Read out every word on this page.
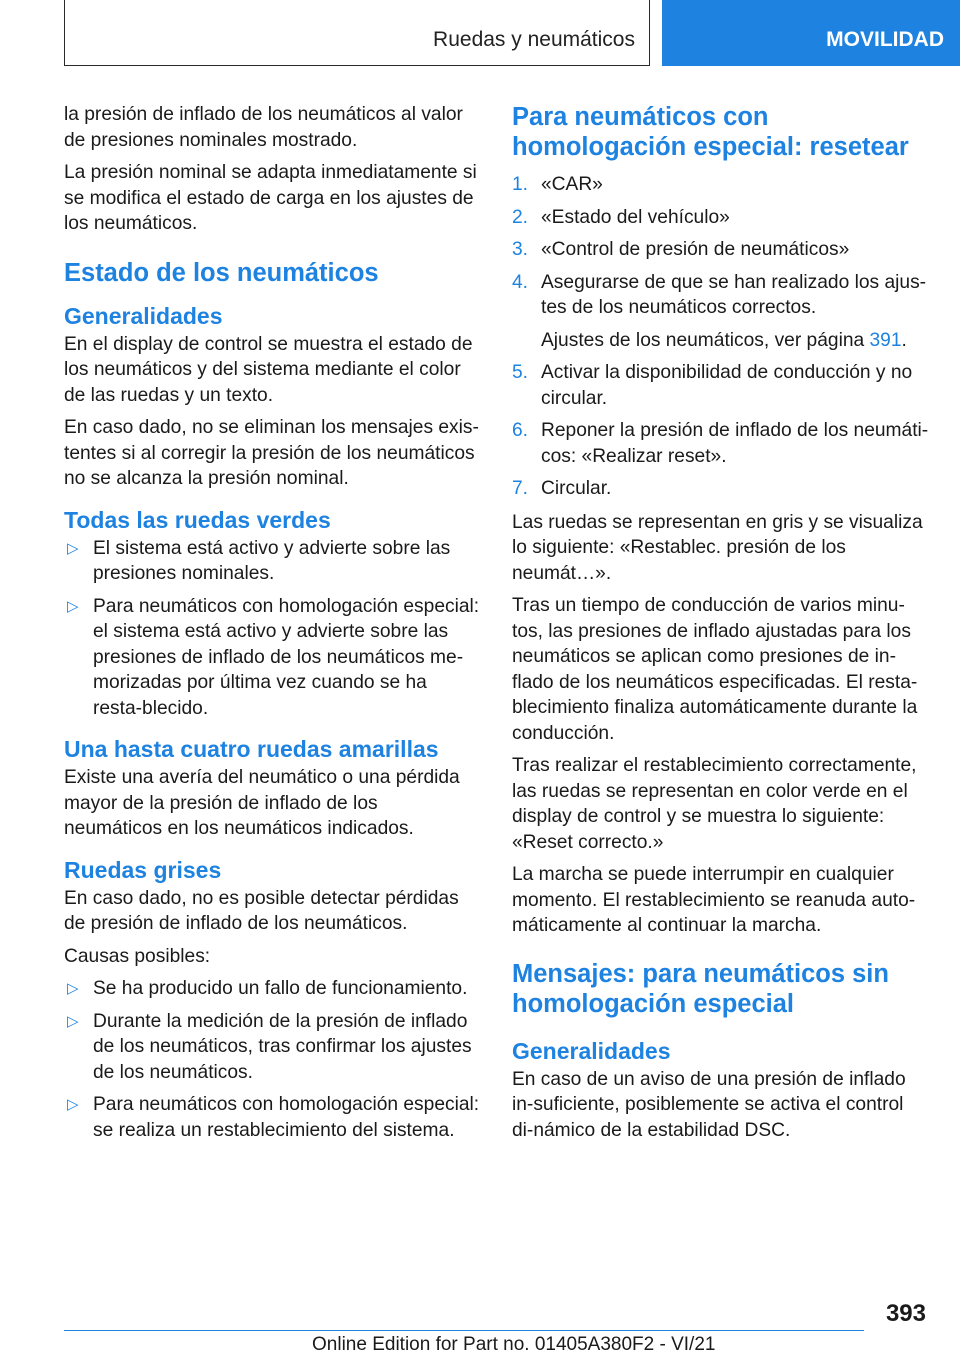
Ruedas y neumáticos	MOVILIDAD

la presión de inflado de los neumáticos al valor de presiones nominales mostrado.

La presión nominal se adapta inmediatamente si se modifica el estado de carga en los ajustes de los neumáticos.

Estado de los neumáticos
Generalidades

En el display de control se muestra el estado de los neumáticos y del sistema mediante el color de las ruedas y un texto.

En caso dado, no se eliminan los mensajes exis‐tentes si al corregir la presión de los neumáticos no se alcanza la presión nominal.

Todas las ruedas verdes
▷ El sistema está activo y advierte sobre las presiones nominales.
▷ Para neumáticos con homologación especial: el sistema está activo y advierte sobre las presiones de inflado de los neumáticos me‐morizadas por última vez cuando se ha resta‐blecido.
Una hasta cuatro ruedas amarillas

Existe una avería del neumático o una pérdida mayor de la presión de inflado de los neumáticos en los neumáticos indicados.

Ruedas grises

En caso dado, no es posible detectar pérdidas de presión de inflado de los neumáticos.

Causas posibles:

▷ Se ha producido un fallo de funcionamiento.
▷ Durante la medición de la presión de inflado de los neumáticos, tras confirmar los ajustes de los neumáticos.
▷ Para neumáticos con homologación especial: se realiza un restablecimiento del sistema.
Para neumáticos con homologación especial: resetear
1. «CAR»
2. «Estado del vehículo»
3. «Control de presión de neumáticos»
4. Asegurarse de que se han realizado los ajus‐tes de los neumáticos correctos.
Ajustes de los neumáticos, ver página 391.
5. Activar la disponibilidad de conducción y no circular.
6. Reponer la presión de inflado de los neumáti‐cos: «Realizar reset».
7. Circular.

Las ruedas se representan en gris y se visualiza lo siguiente: «Restablec. presión de los neumát…».

Tras un tiempo de conducción de varios minu‐tos, las presiones de inflado ajustadas para los neumáticos se aplican como presiones de in‐flado de los neumáticos especificadas. El resta‐blecimiento finaliza automáticamente durante la conducción.

Tras realizar el restablecimiento correctamente, las ruedas se representan en color verde en el display de control y se muestra lo siguiente: «Reset correcto.»

La marcha se puede interrumpir en cualquier momento. El restablecimiento se reanuda auto‐máticamente al continuar la marcha.

Mensajes: para neumáticos sin homologación especial
Generalidades

En caso de un aviso de una presión de inflado in‐suficiente, posiblemente se activa el control di‐námico de la estabilidad DSC.

393
Online Edition for Part no. 01405A380F2 - VI/21
